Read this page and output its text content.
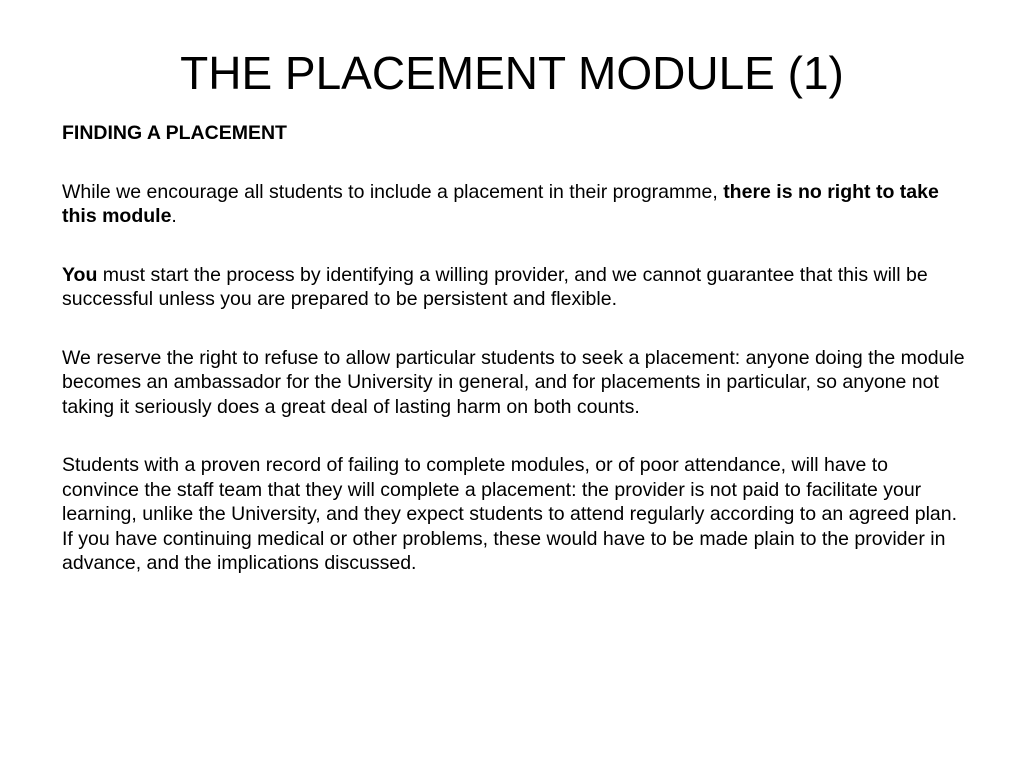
THE PLACEMENT MODULE (1)

FINDING A PLACEMENT

While we encourage all students to include a placement in their programme, there is no right to take this module.

You must start the process by identifying a willing provider, and we cannot guarantee that this will be successful unless you are prepared to be persistent and flexible.

We reserve the right to refuse to allow particular students to seek a placement: anyone doing the module becomes an ambassador for the University in general, and for placements in particular, so anyone not taking it seriously does a great deal of lasting harm on both counts.

Students with a proven record of failing to complete modules, or of poor attendance, will have to convince the staff team that they will complete a placement: the provider is not paid to facilitate your learning, unlike the University, and they expect students to attend regularly according to an agreed plan. If you have continuing medical or other problems, these would have to be made plain to the provider in advance, and the implications discussed.
